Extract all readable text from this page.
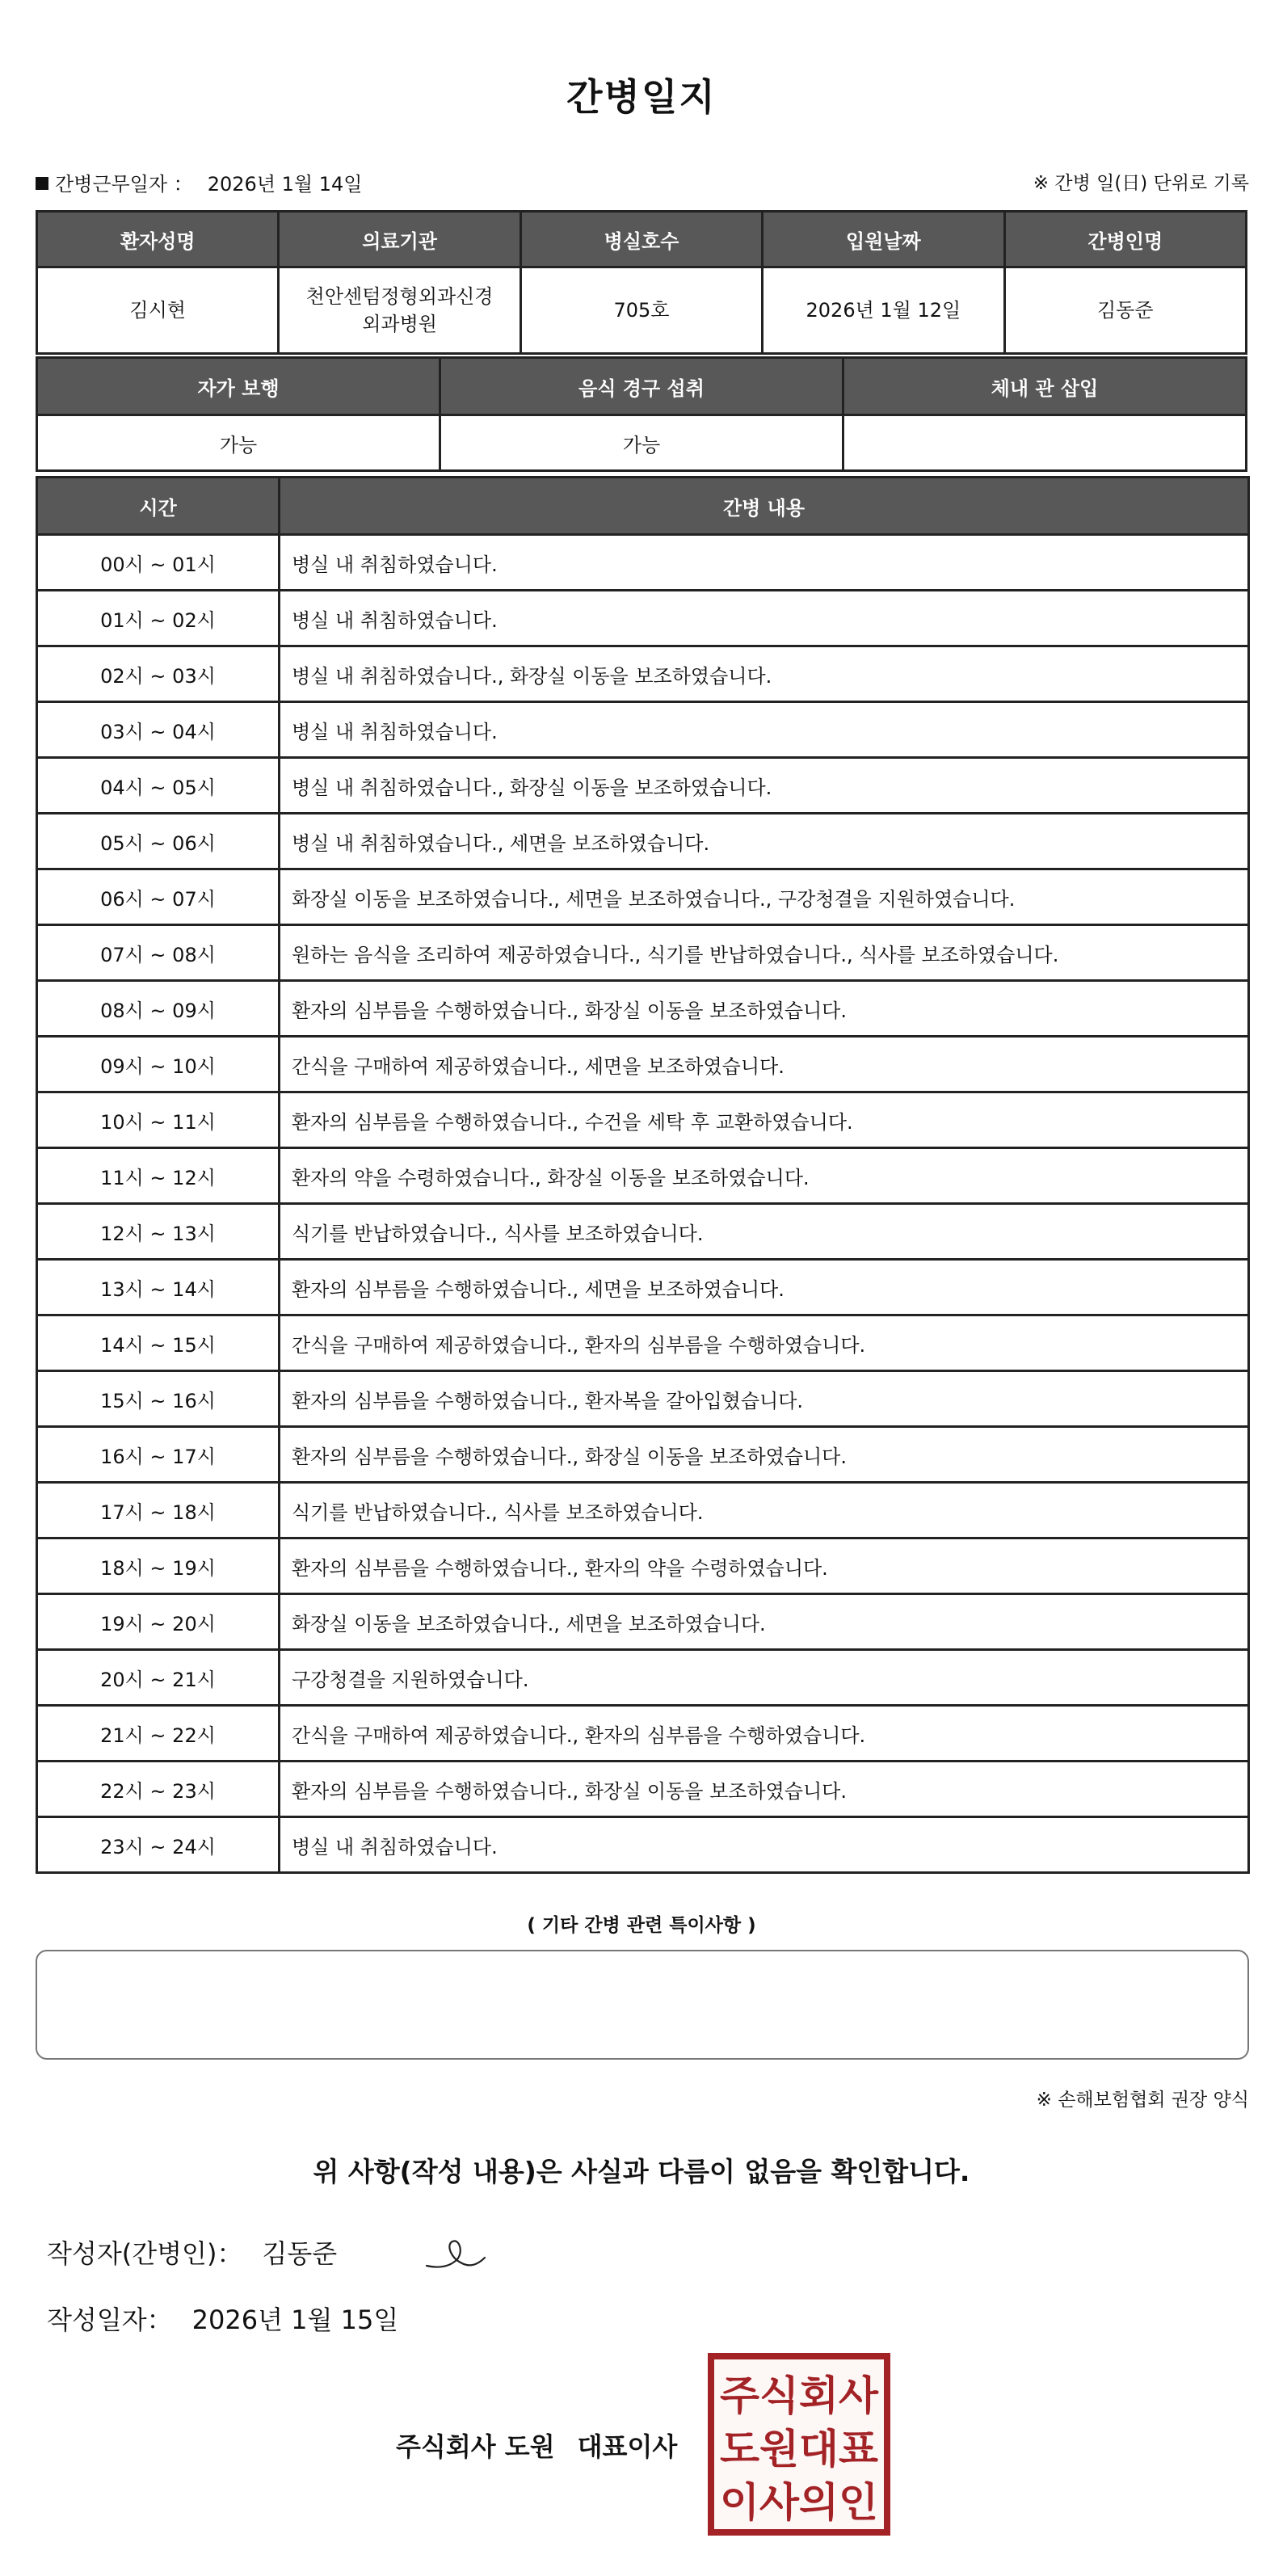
간병일지
간병근무일자 ： 2026년 1월 14일	※ 간병 일(日) 단위로 기록
환자성명	의료기관	병실호수	입원날짜	간병인명
김시현	천안센텀정형외과신경외과병원	705호	2026년 1월 12일	김동준
자가 보행	음식 경구 섭취	체내 관 삽입
가능	가능	
시간	간병 내용
00시 ~ 01시	병실 내 취침하였습니다.
01시 ~ 02시	병실 내 취침하였습니다.
02시 ~ 03시	병실 내 취침하였습니다., 화장실 이동을 보조하였습니다.
03시 ~ 04시	병실 내 취침하였습니다.
04시 ~ 05시	병실 내 취침하였습니다., 화장실 이동을 보조하였습니다.
05시 ~ 06시	병실 내 취침하였습니다., 세면을 보조하였습니다.
06시 ~ 07시	화장실 이동을 보조하였습니다., 세면을 보조하였습니다., 구강청결을 지원하였습니다.
07시 ~ 08시	원하는 음식을 조리하여 제공하였습니다., 식기를 반납하였습니다., 식사를 보조하였습니다.
08시 ~ 09시	환자의 심부름을 수행하였습니다., 화장실 이동을 보조하였습니다.
09시 ~ 10시	간식을 구매하여 제공하였습니다., 세면을 보조하였습니다.
10시 ~ 11시	환자의 심부름을 수행하였습니다., 수건을 세탁 후 교환하였습니다.
11시 ~ 12시	환자의 약을 수령하였습니다., 화장실 이동을 보조하였습니다.
12시 ~ 13시	식기를 반납하였습니다., 식사를 보조하였습니다.
13시 ~ 14시	환자의 심부름을 수행하였습니다., 세면을 보조하였습니다.
14시 ~ 15시	간식을 구매하여 제공하였습니다., 환자의 심부름을 수행하였습니다.
15시 ~ 16시	환자의 심부름을 수행하였습니다., 환자복을 갈아입혔습니다.
16시 ~ 17시	환자의 심부름을 수행하였습니다., 화장실 이동을 보조하였습니다.
17시 ~ 18시	식기를 반납하였습니다., 식사를 보조하였습니다.
18시 ~ 19시	환자의 심부름을 수행하였습니다., 환자의 약을 수령하였습니다.
19시 ~ 20시	화장실 이동을 보조하였습니다., 세면을 보조하였습니다.
20시 ~ 21시	구강청결을 지원하였습니다.
21시 ~ 22시	간식을 구매하여 제공하였습니다., 환자의 심부름을 수행하였습니다.
22시 ~ 23시	환자의 심부름을 수행하였습니다., 화장실 이동을 보조하였습니다.
23시 ~ 24시	병실 내 취침하였습니다.
( 기타 간병 관련 특이사항 )
※ 손해보험협회 권장 양식
위 사항(작성 내용)은 사실과 다름이 없음을 확인합니다.
작성자(간병인)： 김동준
작성일자： 2026년 1월 15일
주식회사 도원 대표이사
주식회사
도원대표
이사의인
